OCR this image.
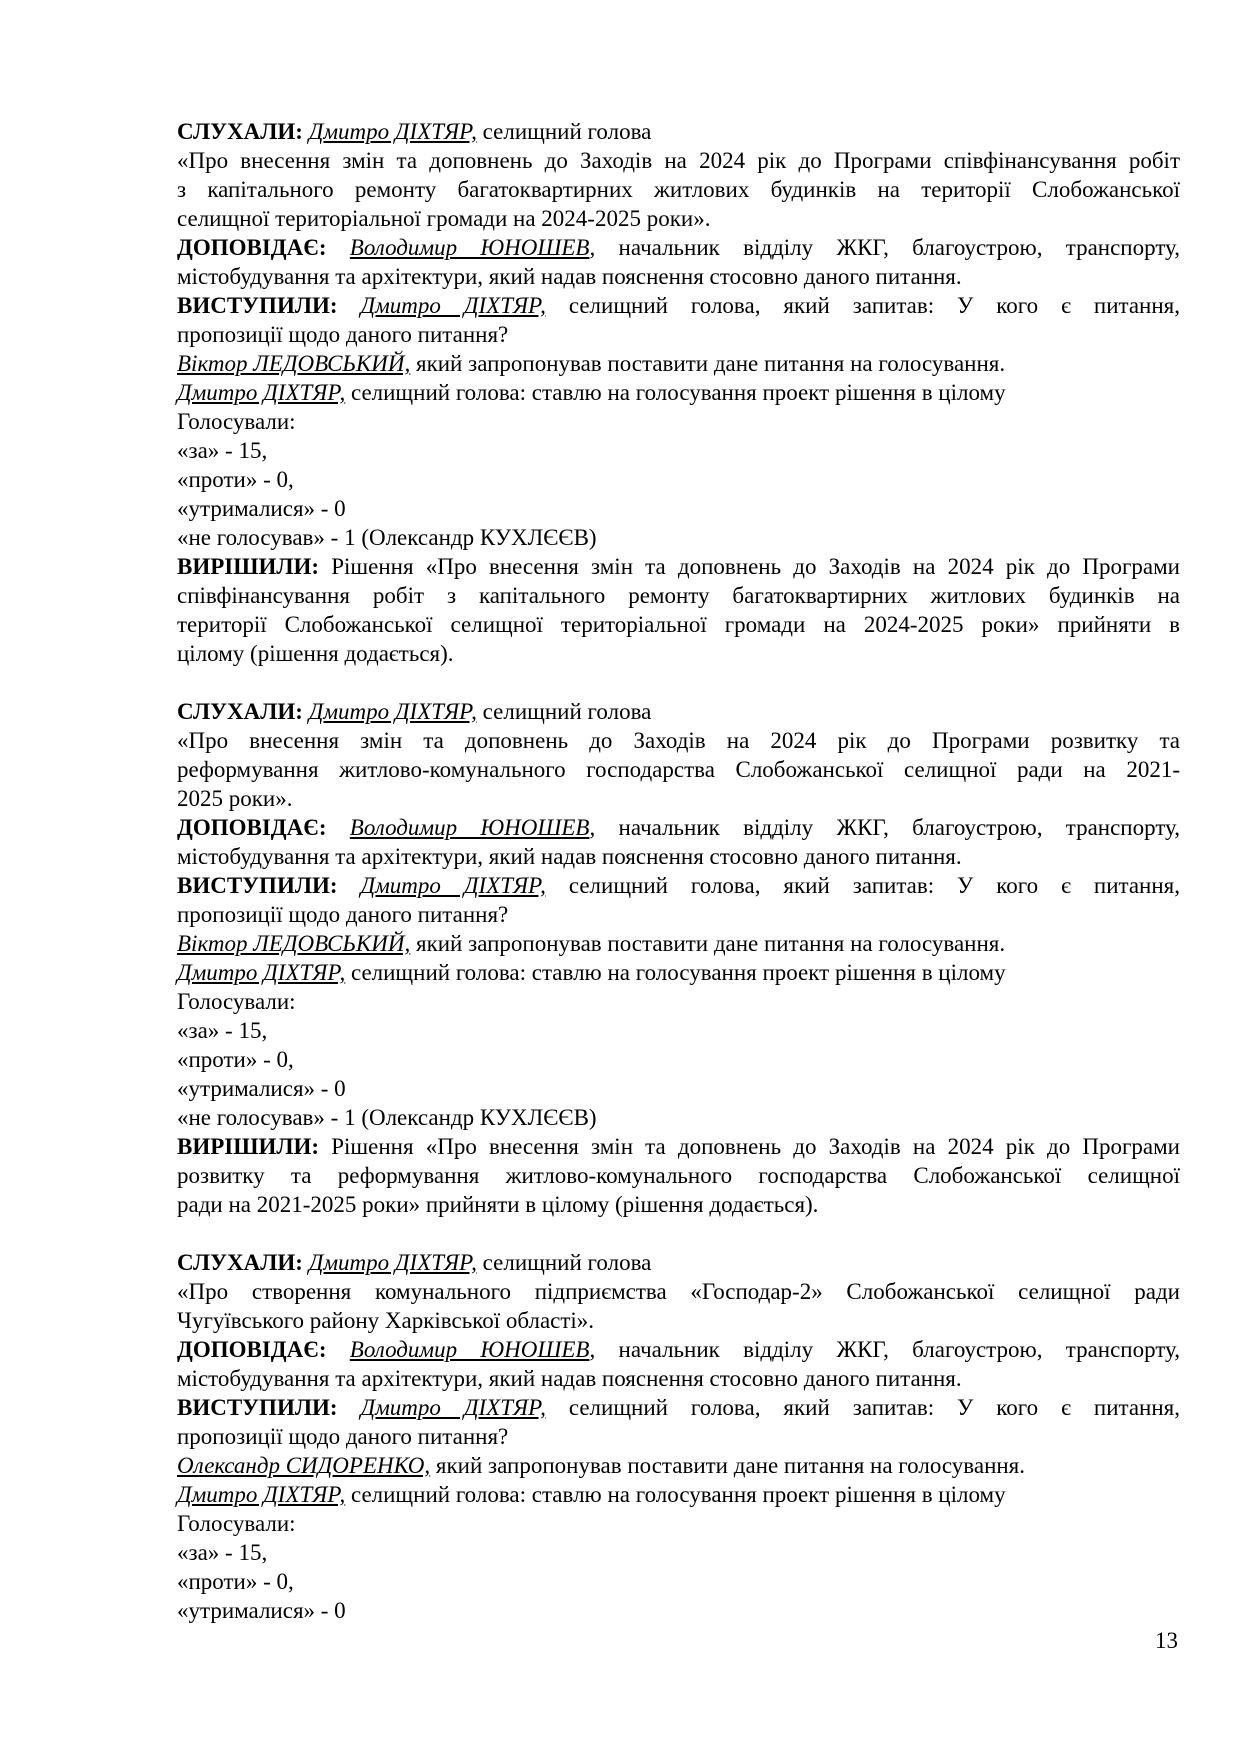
СЛУХАЛИ: Дмитро ДІХТЯР, селищний голова
«Про внесення змін та доповнень до Заходів на 2024 рік до Програми співфінансування робіт
з капітального ремонту багатоквартирних житлових будинків на території Слобожанської
селищної територіальної громади на 2024-2025 роки».
ДОПОВІДАЄ: Володимир ЮНОШЕВ, начальник відділу ЖКГ, благоустрою, транспорту,
містобудування та архітектури, який надав пояснення стосовно даного питання.
ВИСТУПИЛИ: Дмитро ДІХТЯР, селищний голова, який запитав: У кого є питання,
пропозиції щодо даного питання?
Віктор ЛЕДОВСЬКИЙ, який запропонував поставити дане питання на голосування.
Дмитро ДІХТЯР, селищний голова: ставлю на голосування проект рішення в цілому
Голосували:
«за» - 15,
«проти» - 0,
«утрималися» - 0
«не голосував» - 1 (Олександр КУХЛЄЄВ)
ВИРІШИЛИ: Рішення «Про внесення змін та доповнень до Заходів на 2024 рік до Програми
співфінансування робіт з капітального ремонту багатоквартирних житлових будинків на
території Слобожанської селищної територіальної громади на 2024-2025 роки» прийняти в
цілому (рішення додається).
СЛУХАЛИ: Дмитро ДІХТЯР, селищний голова
«Про внесення змін та доповнень до Заходів на 2024 рік до Програми розвитку та
реформування житлово-комунального господарства Слобожанської селищної ради на 2021-
2025 роки».
ДОПОВІДАЄ: Володимир ЮНОШЕВ, начальник відділу ЖКГ, благоустрою, транспорту,
містобудування та архітектури, який надав пояснення стосовно даного питання.
ВИСТУПИЛИ: Дмитро ДІХТЯР, селищний голова, який запитав: У кого є питання,
пропозиції щодо даного питання?
Віктор ЛЕДОВСЬКИЙ, який запропонував поставити дане питання на голосування.
Дмитро ДІХТЯР, селищний голова: ставлю на голосування проект рішення в цілому
Голосували:
«за» - 15,
«проти» - 0,
«утрималися» - 0
«не голосував» - 1 (Олександр КУХЛЄЄВ)
ВИРІШИЛИ: Рішення «Про внесення змін та доповнень до Заходів на 2024 рік до Програми
розвитку та реформування житлово-комунального господарства Слобожанської селищної
ради на 2021-2025 роки» прийняти в цілому (рішення додається).
СЛУХАЛИ: Дмитро ДІХТЯР, селищний голова
«Про створення комунального підприємства «Господар-2» Слобожанської селищної ради
Чугуївського району Харківської області».
ДОПОВІДАЄ: Володимир ЮНОШЕВ, начальник відділу ЖКГ, благоустрою, транспорту,
містобудування та архітектури, який надав пояснення стосовно даного питання.
ВИСТУПИЛИ: Дмитро ДІХТЯР, селищний голова, який запитав: У кого є питання,
пропозиції щодо даного питання?
Олександр СИДОРЕНКО, який запропонував поставити дане питання на голосування.
Дмитро ДІХТЯР, селищний голова: ставлю на голосування проект рішення в цілому
Голосували:
«за» - 15,
«проти» - 0,
«утрималися» - 0
13
